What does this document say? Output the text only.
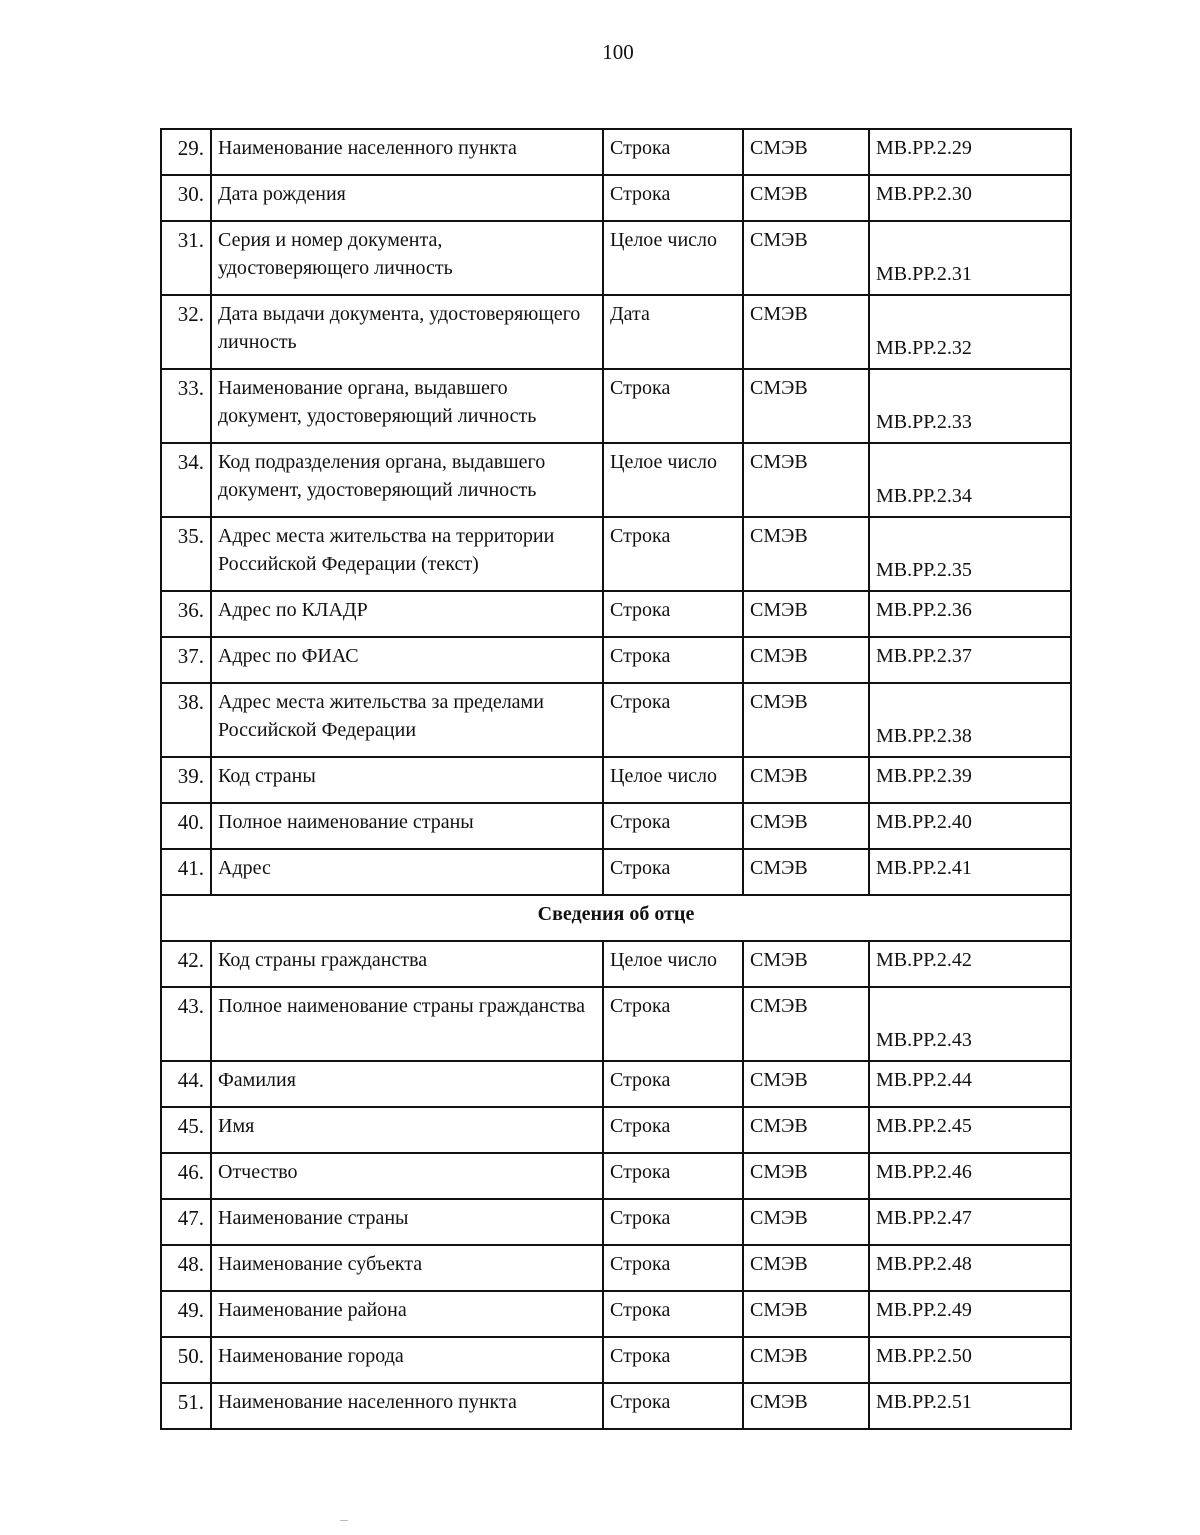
100
29.	Наименование населенного пункта	Строка	СМЭВ	МВ.РР.2.29
30.	Дата рождения	Строка	СМЭВ	МВ.РР.2.30
31.	Серия и номер документа, удостоверяющего личность	Целое число	СМЭВ	МВ.РР.2.31
32.	Дата выдачи документа, удостоверяющего личность	Дата	СМЭВ	МВ.РР.2.32
33.	Наименование органа, выдавшего документ, удостоверяющий личность	Строка	СМЭВ	МВ.РР.2.33
34.	Код подразделения органа, выдавшего документ, удостоверяющий личность	Целое число	СМЭВ	МВ.РР.2.34
35.	Адрес места жительства на территории Российской Федерации (текст)	Строка	СМЭВ	МВ.РР.2.35
36.	Адрес по КЛАДР	Строка	СМЭВ	МВ.РР.2.36
37.	Адрес по ФИАС	Строка	СМЭВ	МВ.РР.2.37
38.	Адрес места жительства за пределами Российской Федерации	Строка	СМЭВ	МВ.РР.2.38
39.	Код страны	Целое число	СМЭВ	МВ.РР.2.39
40.	Полное наименование страны	Строка	СМЭВ	МВ.РР.2.40
41.	Адрес	Строка	СМЭВ	МВ.РР.2.41
Сведения об отце				
42.	Код страны гражданства	Целое число	СМЭВ	МВ.РР.2.42
43.	Полное наименование страны гражданства	Строка	СМЭВ	МВ.РР.2.43
44.	Фамилия	Строка	СМЭВ	МВ.РР.2.44
45.	Имя	Строка	СМЭВ	МВ.РР.2.45
46.	Отчество	Строка	СМЭВ	МВ.РР.2.46
47.	Наименование страны	Строка	СМЭВ	МВ.РР.2.47
48.	Наименование субъекта	Строка	СМЭВ	МВ.РР.2.48
49.	Наименование района	Строка	СМЭВ	МВ.РР.2.49
50.	Наименование города	Строка	СМЭВ	МВ.РР.2.50
51.	Наименование населенного пункта	Строка	СМЭВ	МВ.РР.2.51
